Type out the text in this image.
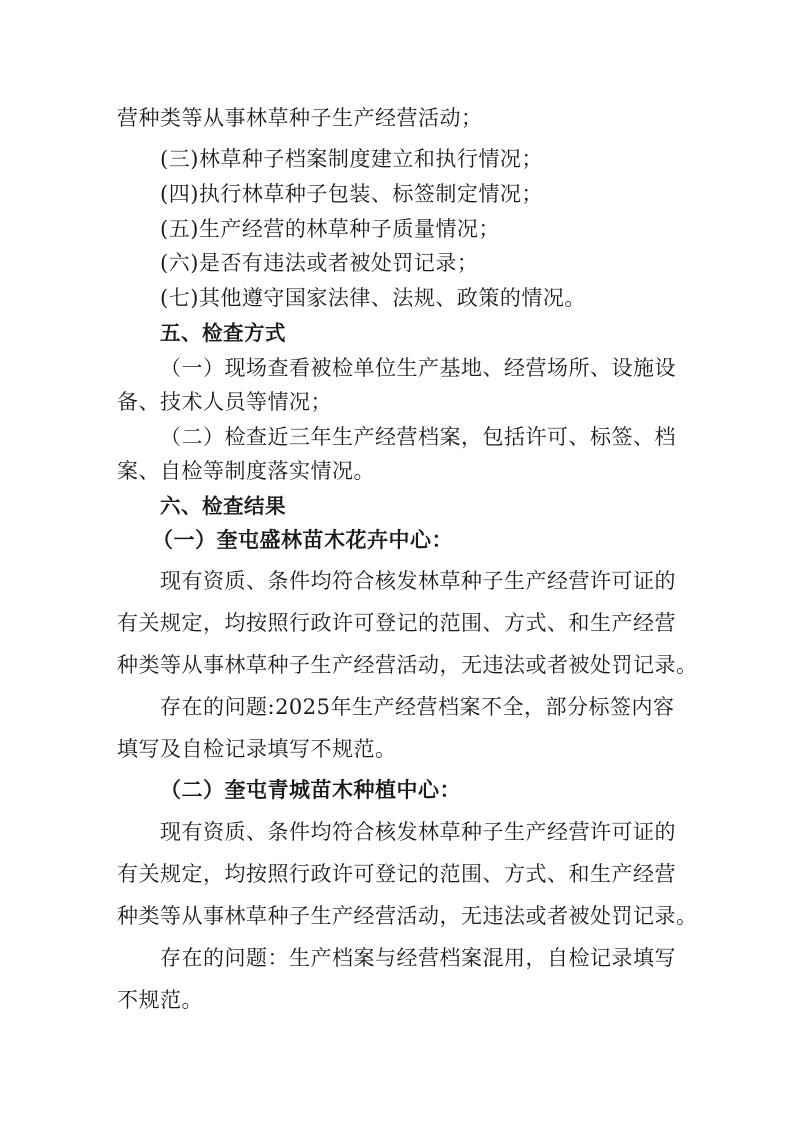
营种类等从事林草种子生产经营活动；
(三)林草种子档案制度建立和执行情况；
(四)执行林草种子包装、标签制定情况；
(五)生产经营的林草种子质量情况；
(六)是否有违法或者被处罚记录；
(七)其他遵守国家法律、法规、政策的情况。
五、检查方式
（一）现场查看被检单位生产基地、经营场所、设施设
备、技术人员等情况；
（二）检查近三年生产经营档案，包括许可、标签、档
案、自检等制度落实情况。
六、检查结果
（一）奎屯盛林苗木花卉中心：
现有资质、条件均符合核发林草种子生产经营许可证的
有关规定，均按照行政许可登记的范围、方式、和生产经营
种类等从事林草种子生产经营活动，无违法或者被处罚记录。
存在的问题:2025年生产经营档案不全，部分标签内容
填写及自检记录填写不规范。
（二）奎屯青城苗木种植中心：
现有资质、条件均符合核发林草种子生产经营许可证的
有关规定，均按照行政许可登记的范围、方式、和生产经营
种类等从事林草种子生产经营活动，无违法或者被处罚记录。
存在的问题：生产档案与经营档案混用，自检记录填写
不规范。
